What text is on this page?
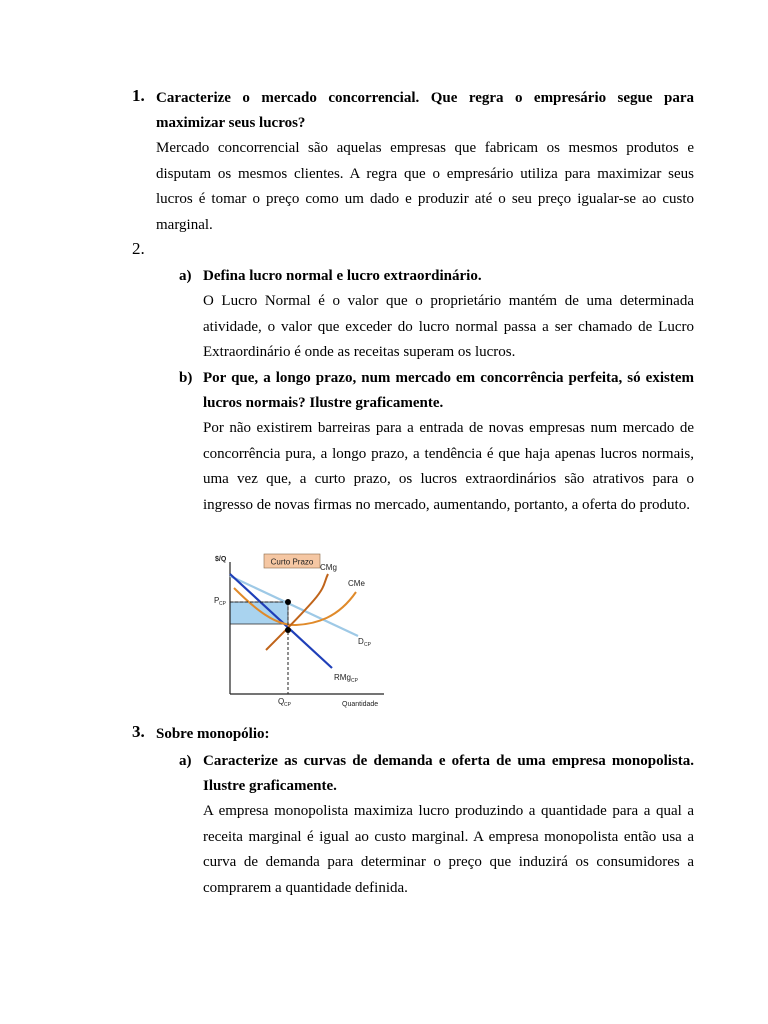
1. Caracterize o mercado concorrencial. Que regra o empresário segue para maximizar seus lucros?
Mercado concorrencial são aquelas empresas que fabricam os mesmos produtos e disputam os mesmos clientes. A regra que o empresário utiliza para maximizar seus lucros é tomar o preço como um dado e produzir até o seu preço igualar-se ao custo marginal.
2.
a) Defina lucro normal e lucro extraordinário.
O Lucro Normal é o valor que o proprietário mantém de uma determinada atividade, o valor que exceder do lucro normal passa a ser chamado de Lucro Extraordinário é onde as receitas superam os lucros.
b) Por que, a longo prazo, num mercado em concorrência perfeita, só existem lucros normais? Ilustre graficamente.
Por não existirem barreiras para a entrada de novas empresas num mercado de concorrência pura, a longo prazo, a tendência é que haja apenas lucros normais, uma vez que, a curto prazo, os lucros extraordinários são atrativos para o ingresso de novas firmas no mercado, aumentando, portanto, a oferta do produto.
Curto Prazo
$/Q
Quantidade
CMg
CMe
D CP
RMg CP
P CP
Q CP
3. Sobre monopólio:
a) Caracterize as curvas de demanda e oferta de uma empresa monopolista. Ilustre graficamente.
A empresa monopolista maximiza lucro produzindo a quantidade para a qual a receita marginal é igual ao custo marginal. A empresa monopolista então usa a curva de demanda para determinar o preço que induzirá os consumidores a comprarem a quantidade definida.
